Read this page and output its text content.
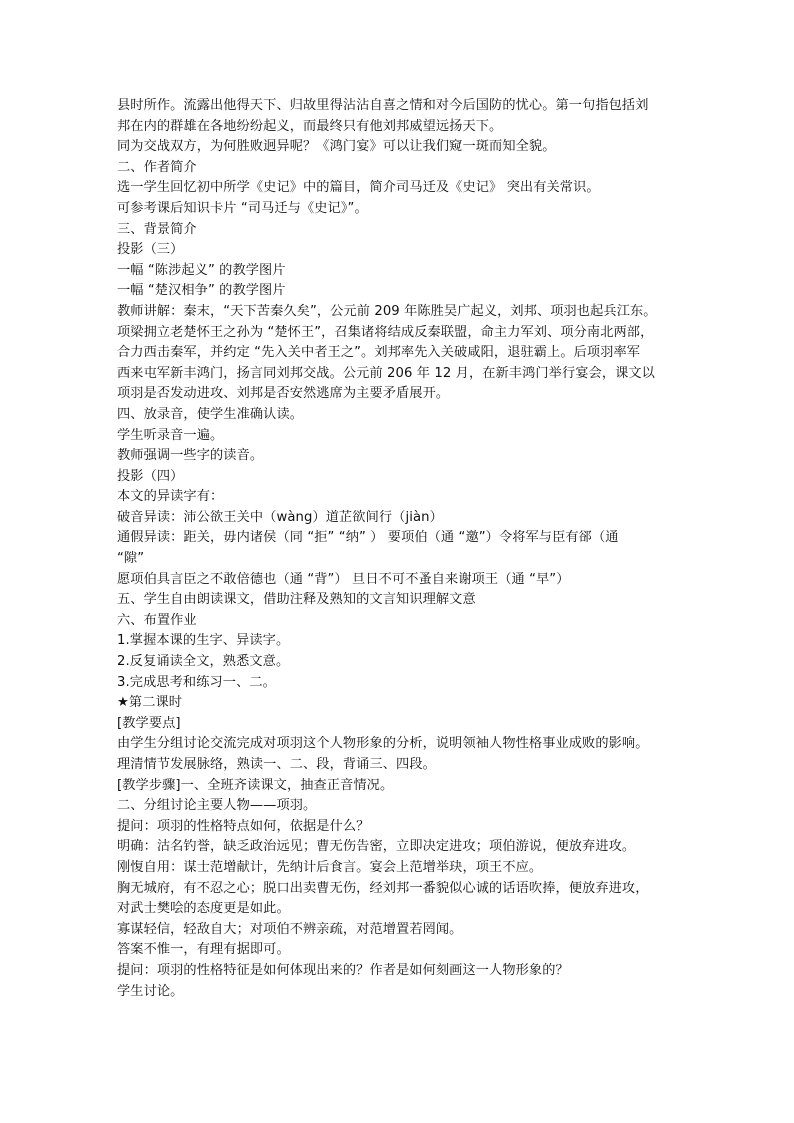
县时所作。流露出他得天下、归故里得沾沾自喜之情和对今后国防的忧心。第一句指包括刘
邦在内的群雄在各地纷纷起义，而最终只有他刘邦威望远扬天下。
同为交战双方，为何胜败迥异呢？《鸿门宴》可以让我们窥一斑而知全貌。
二、作者简介
选一学生回忆初中所学《史记》中的篇目，简介司马迁及《史记》 突出有关常识。
可参考课后知识卡片 “司马迁与《史记》”。
三、背景简介
投影（三）
一幅 “陈涉起义” 的教学图片
一幅 “楚汉相争” 的教学图片
教师讲解：秦末，“天下苦秦久矣”，公元前 209 年陈胜吴广起义，刘邦、项羽也起兵江东。
项梁拥立老楚怀王之孙为 “楚怀王”，召集诸将结成反秦联盟，命主力军刘、项分南北两部，
合力西击秦军，并约定 “先入关中者王之”。刘邦率先入关破咸阳，退驻霸上。后项羽率军
西来屯军新丰鸿门，扬言同刘邦交战。公元前 206 年 12 月，在新丰鸿门举行宴会，课文以
项羽是否发动进攻、刘邦是否安然逃席为主要矛盾展开。
四、放录音，使学生准确认读。
学生听录音一遍。
教师强调一些字的读音。
投影（四）
本文的异读字有：
破音异读：沛公欲王关中（wàng）道芷欲间行（jiàn）
通假异读：距关，毋内诸侯（同 “拒” “纳” ） 要项伯（通 “邀”）令将军与臣有郤（通
“隙”
愿项伯具言臣之不敢倍德也（通 “背”） 旦日不可不蚤自来谢项王（通 “早”）
五、学生自由朗读课文，借助注释及熟知的文言知识理解文意
六、布置作业
1.掌握本课的生字、异读字。
2.反复诵读全文，熟悉文意。
3.完成思考和练习一、二。
★第二课时
[教学要点]
由学生分组讨论交流完成对项羽这个人物形象的分析，说明领袖人物性格事业成败的影响。
理清情节发展脉络，熟读一、二、段，背诵三、四段。
[教学步骤]一、全班齐读课文，抽查正音情况。
二、分组讨论主要人物——项羽。
提问：项羽的性格特点如何，依据是什么？
明确：沽名钓誉，缺乏政治远见；曹无伤告密，立即决定进攻；项伯游说，便放弃进攻。
刚愎自用：谋士范增献计，先纳计后食言。宴会上范增举玦，项王不应。
胸无城府，有不忍之心；脱口出卖曹无伤，经刘邦一番貌似心诚的话语吹捧，便放弃进攻，
对武士樊哙的态度更是如此。
寡谋轻信，轻敌自大；对项伯不辨亲疏，对范增置若罔闻。
答案不惟一，有理有据即可。
提问：项羽的性格特征是如何体现出来的？作者是如何刻画这一人物形象的？
学生讨论。
